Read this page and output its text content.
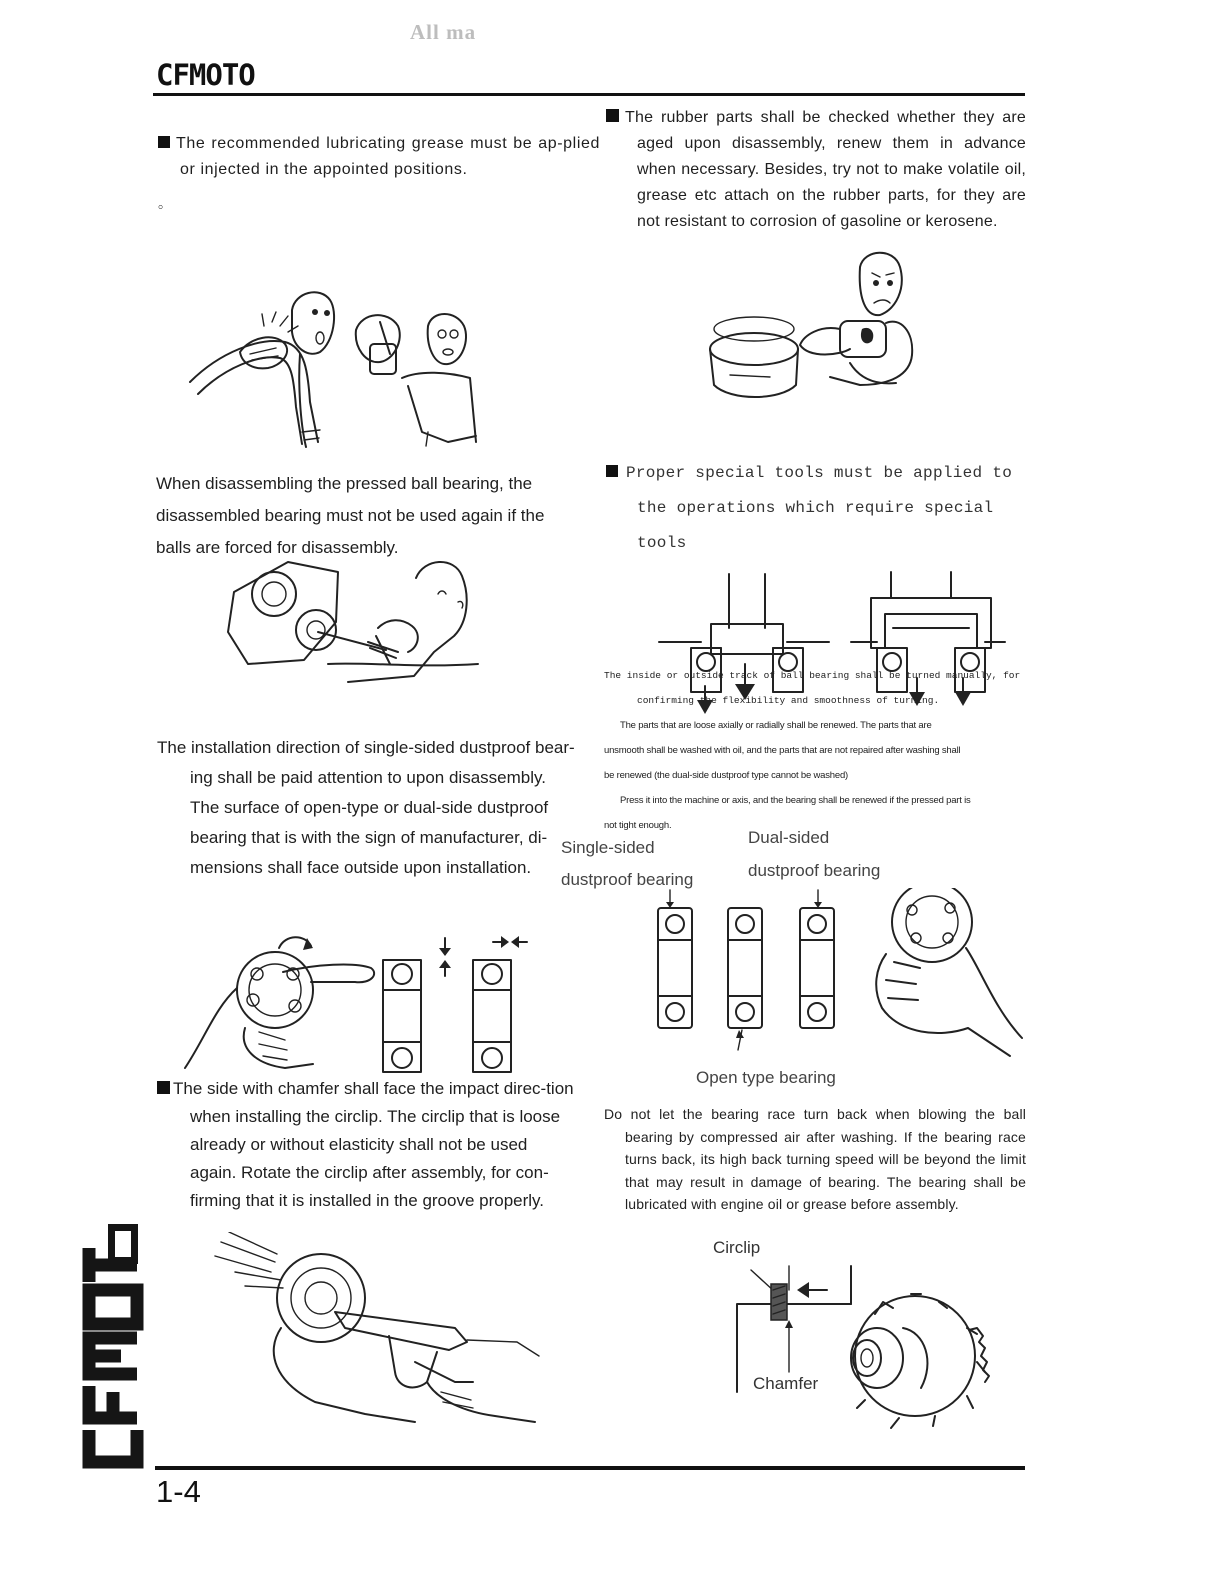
All ma
CFMOTO
The recommended lubricating grease must be ap-plied or injected in the appointed positions.
。
When disassembling the pressed ball bearing, the disassembled bearing must not be used again if the balls are forced for disassembly.
The installation direction of single-sided dustproof bear-ing shall be paid attention to upon disassembly. The surface of open-type or dual-side dustproof bearing that is with the sign of manufacturer, di-mensions shall face outside upon installation.
The side with chamfer shall face the impact direc-tion when installing the circlip. The circlip that is loose already or without elasticity shall not be used again. Rotate the circlip after assembly, for con-firming that it is installed in the groove properly.
The rubber parts shall be checked whether they are aged upon disassembly, renew them in advance when necessary. Besides, try not to make volatile oil, grease etc attach on the rubber parts, for they are not resistant to corrosion of gasoline or kerosene.
Proper special tools must be applied to the operations which require special tools
The inside or outside track of ball bearing shall be turned manually, for
confirming the flexibility and smoothness of turning.
The parts that are loose axially or radially shall be renewed. The parts that are
unsmooth shall be washed with oil, and the parts that are not repaired after washing shall
be renewed (the dual-side dustproof type cannot be washed)
Press it into the machine or axis, and the bearing shall be renewed if the pressed part is
not tight enough.
Single-sided
dustproof bearing
Dual-sided
dustproof bearing
Open type bearing
Do not let the bearing race turn back when blowing the ball bearing by compressed air after washing. If the bearing race turns back, its high back turning speed will be beyond the limit that may result in damage of bearing. The bearing shall be lubricated with engine oil or grease before assembly.
Circlip
Chamfer
1-4
